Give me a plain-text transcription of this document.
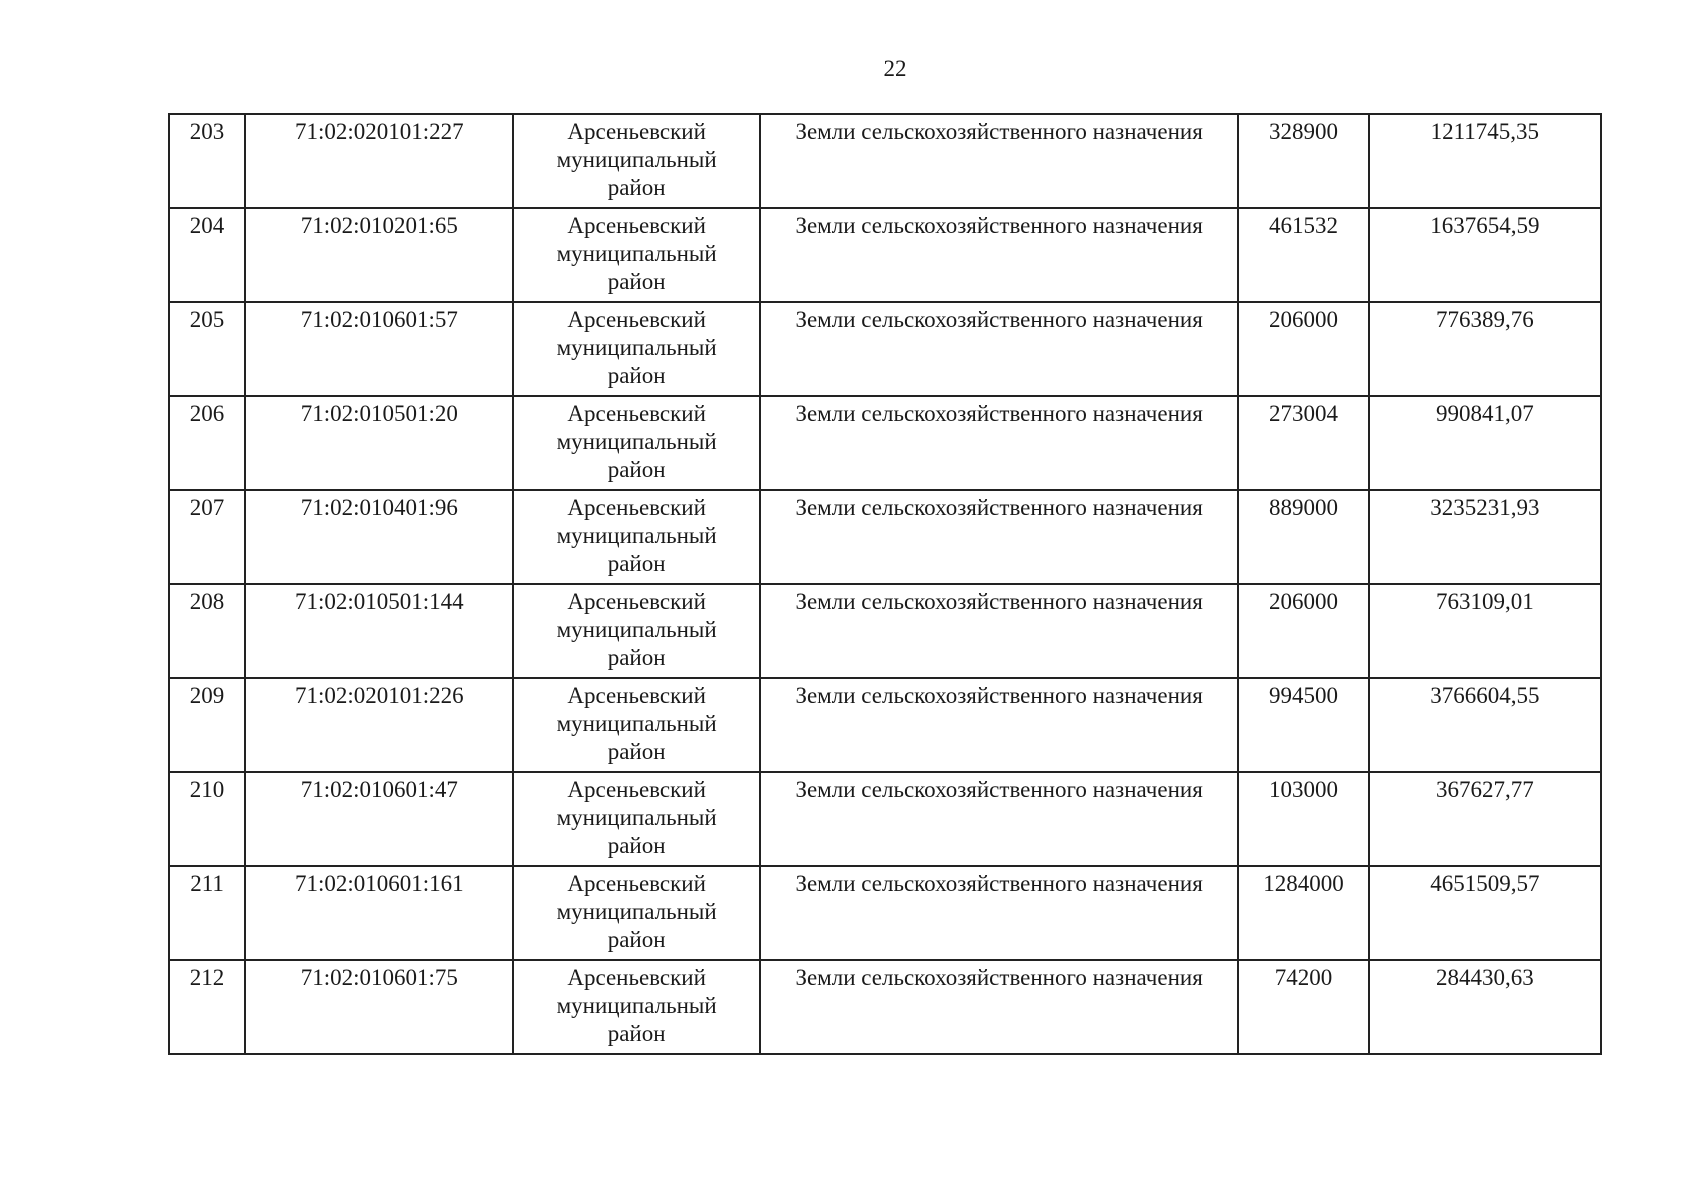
22
203	71:02:020101:227	Арсеньевский
муниципальный
район	Земли сельскохозяйственного назначения	328900	1211745,35
204	71:02:010201:65	Арсеньевский
муниципальный
район	Земли сельскохозяйственного назначения	461532	1637654,59
205	71:02:010601:57	Арсеньевский
муниципальный
район	Земли сельскохозяйственного назначения	206000	776389,76
206	71:02:010501:20	Арсеньевский
муниципальный
район	Земли сельскохозяйственного назначения	273004	990841,07
207	71:02:010401:96	Арсеньевский
муниципальный
район	Земли сельскохозяйственного назначения	889000	3235231,93
208	71:02:010501:144	Арсеньевский
муниципальный
район	Земли сельскохозяйственного назначения	206000	763109,01
209	71:02:020101:226	Арсеньевский
муниципальный
район	Земли сельскохозяйственного назначения	994500	3766604,55
210	71:02:010601:47	Арсеньевский
муниципальный
район	Земли сельскохозяйственного назначения	103000	367627,77
211	71:02:010601:161	Арсеньевский
муниципальный
район	Земли сельскохозяйственного назначения	1284000	4651509,57
212	71:02:010601:75	Арсеньевский
муниципальный
район	Земли сельскохозяйственного назначения	74200	284430,63
